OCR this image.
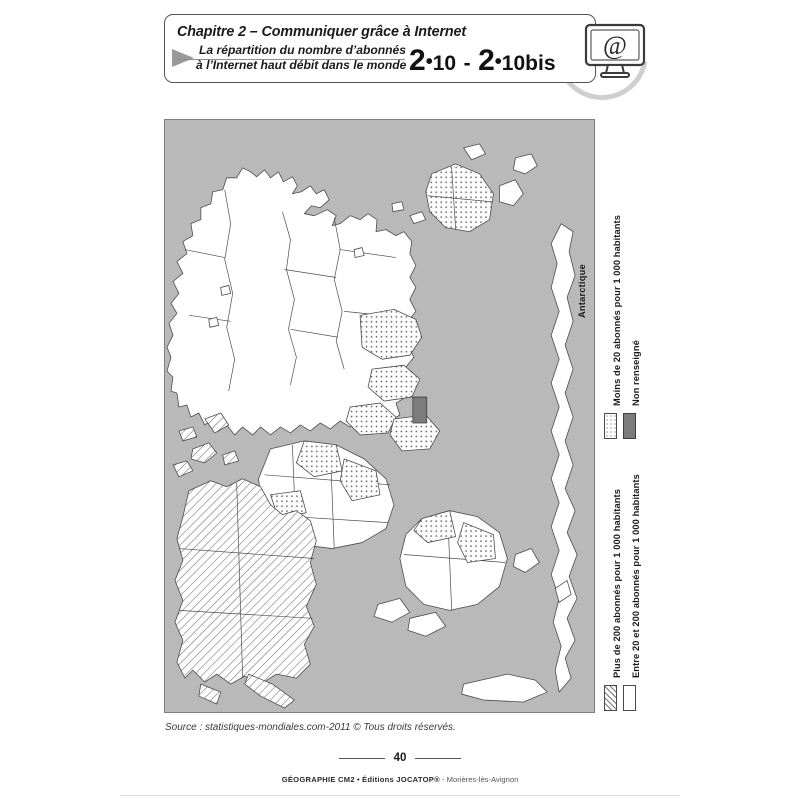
Chapitre 2 – Communiquer grâce à Internet
La répartition du nombre d’abonnés
à l’Internet haut débit dans le monde 2•10 - 2•10bis
@
Antarctique	Moins de 20 abonnés pour 1 000 habitants Non renseigné
Plus de 200 abonnés pour 1 000 habitants Entre 20 et 200 abonnés pour 1 000 habitants
Source : statistiques-mondiales.com-2011 © Tous droits réservés.
40
GÉOGRAPHIE CM2 • Éditions JOCATOP® - Morières-lès-Avignon
